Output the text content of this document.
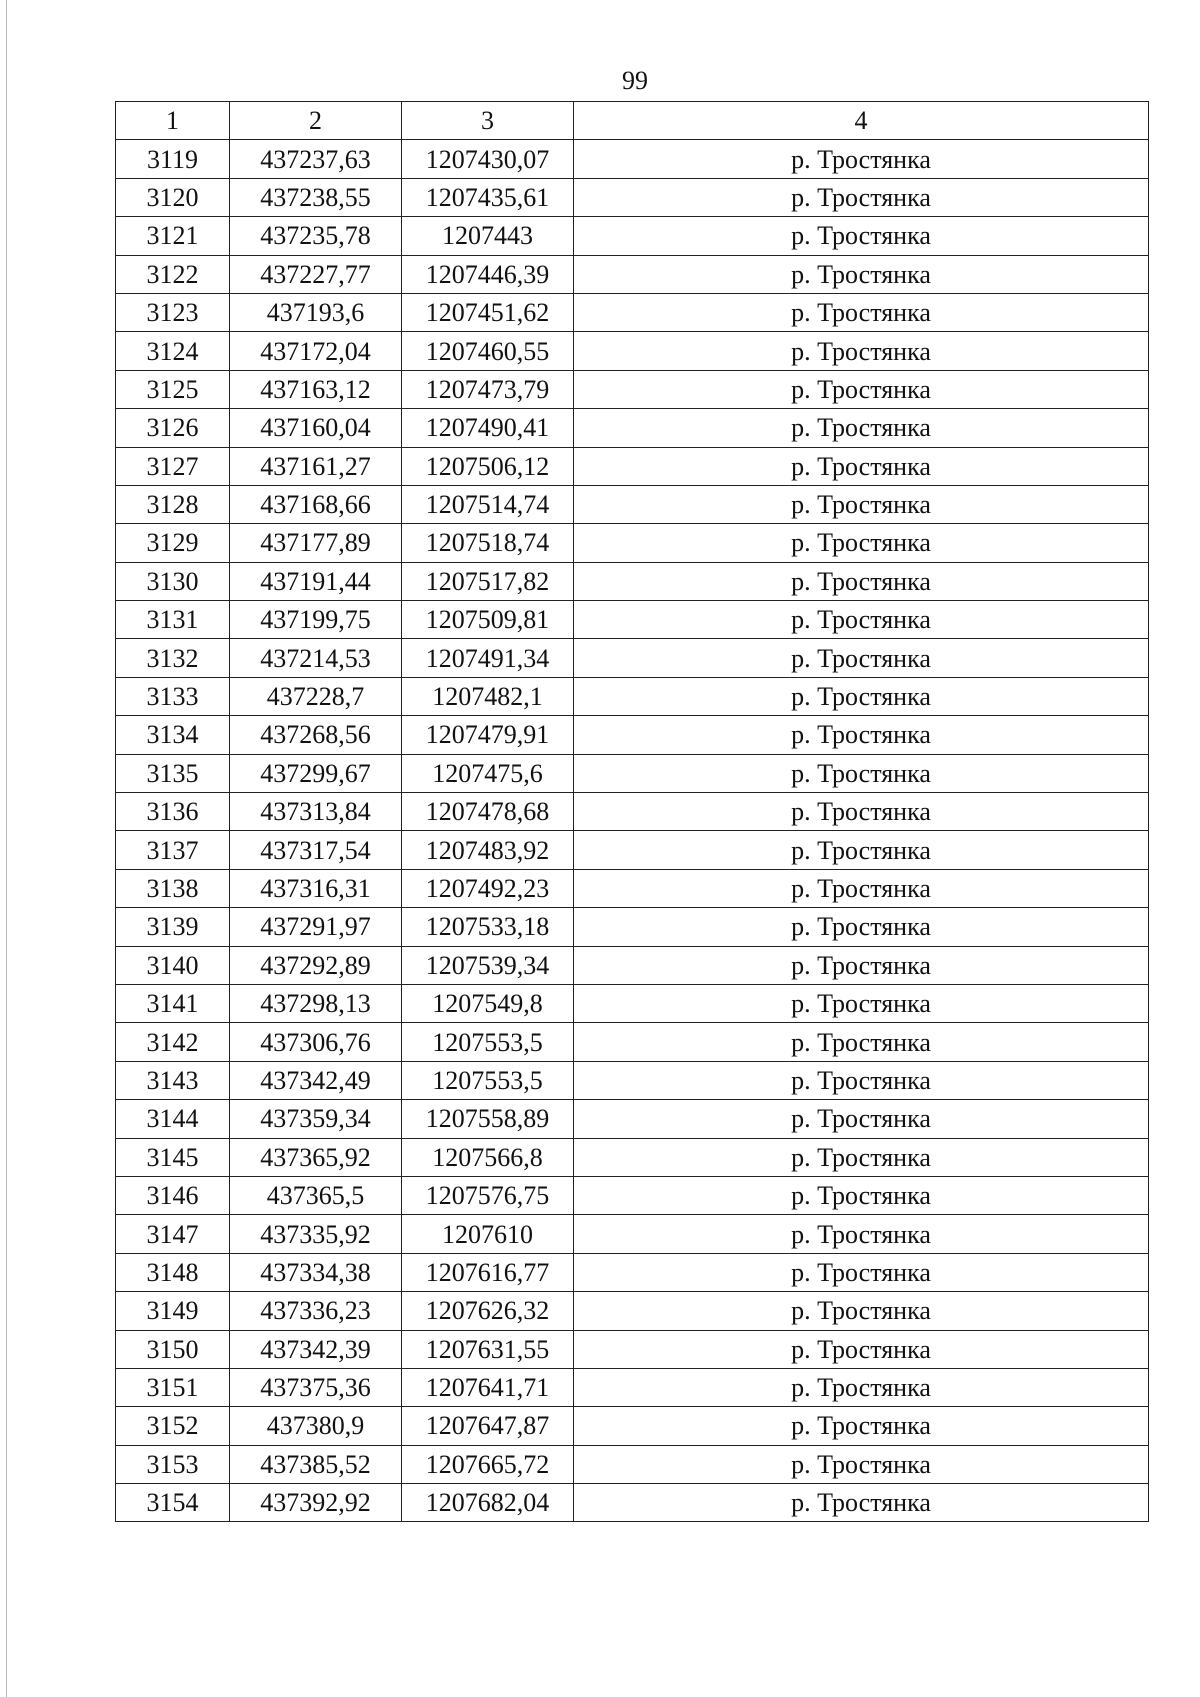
99
1	2	3	4
3119	437237,63	1207430,07	р. Тростянка
3120	437238,55	1207435,61	р. Тростянка
3121	437235,78	1207443	р. Тростянка
3122	437227,77	1207446,39	р. Тростянка
3123	437193,6	1207451,62	р. Тростянка
3124	437172,04	1207460,55	р. Тростянка
3125	437163,12	1207473,79	р. Тростянка
3126	437160,04	1207490,41	р. Тростянка
3127	437161,27	1207506,12	р. Тростянка
3128	437168,66	1207514,74	р. Тростянка
3129	437177,89	1207518,74	р. Тростянка
3130	437191,44	1207517,82	р. Тростянка
3131	437199,75	1207509,81	р. Тростянка
3132	437214,53	1207491,34	р. Тростянка
3133	437228,7	1207482,1	р. Тростянка
3134	437268,56	1207479,91	р. Тростянка
3135	437299,67	1207475,6	р. Тростянка
3136	437313,84	1207478,68	р. Тростянка
3137	437317,54	1207483,92	р. Тростянка
3138	437316,31	1207492,23	р. Тростянка
3139	437291,97	1207533,18	р. Тростянка
3140	437292,89	1207539,34	р. Тростянка
3141	437298,13	1207549,8	р. Тростянка
3142	437306,76	1207553,5	р. Тростянка
3143	437342,49	1207553,5	р. Тростянка
3144	437359,34	1207558,89	р. Тростянка
3145	437365,92	1207566,8	р. Тростянка
3146	437365,5	1207576,75	р. Тростянка
3147	437335,92	1207610	р. Тростянка
3148	437334,38	1207616,77	р. Тростянка
3149	437336,23	1207626,32	р. Тростянка
3150	437342,39	1207631,55	р. Тростянка
3151	437375,36	1207641,71	р. Тростянка
3152	437380,9	1207647,87	р. Тростянка
3153	437385,52	1207665,72	р. Тростянка
3154	437392,92	1207682,04	р. Тростянка
